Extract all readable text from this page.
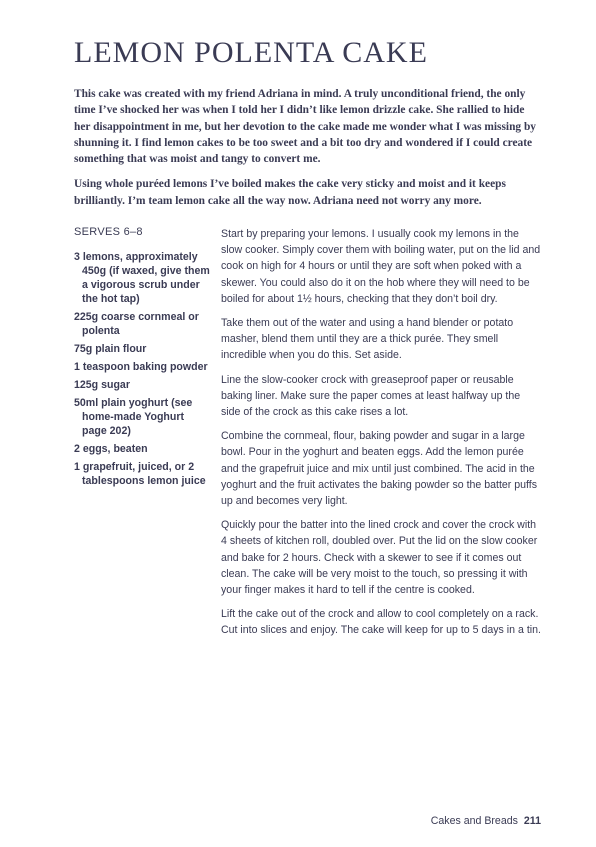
LEMON POLENTA CAKE

This cake was created with my friend Adriana in mind. A truly unconditional friend, the only time I’ve shocked her was when I told her I didn’t like lemon drizzle cake. She rallied to hide her disappointment in me, but her devotion to the cake made me wonder what I was missing by shunning it. I find lemon cakes to be too sweet and a bit too dry and wondered if I could create something that was moist and tangy to convert me.

Using whole puréed lemons I’ve boiled makes the cake very sticky and moist and it keeps brilliantly. I’m team lemon cake all the way now. Adriana need not worry any more.

SERVES 6–8
3 lemons, approximately 450g (if waxed, give them a vigorous scrub under the hot tap)
225g coarse cornmeal or polenta
75g plain flour
1 teaspoon baking powder
125g sugar
50ml plain yoghurt (see home-made Yoghurt page 202)
2 eggs, beaten
1 grapefruit, juiced, or 2 tablespoons lemon juice

Start by preparing your lemons. I usually cook my lemons in the slow cooker. Simply cover them with boiling water, put on the lid and cook on high for 4 hours or until they are soft when poked with a skewer. You could also do it on the hob where they will need to be boiled for about 1½ hours, checking that they don’t boil dry.

Take them out of the water and using a hand blender or potato masher, blend them until they are a thick purée. They smell incredible when you do this. Set aside.

Line the slow-cooker crock with greaseproof paper or reusable baking liner. Make sure the paper comes at least halfway up the side of the crock as this cake rises a lot.

Combine the cornmeal, flour, baking powder and sugar in a large bowl. Pour in the yoghurt and beaten eggs. Add the lemon purée and the grapefruit juice and mix until just combined. The acid in the yoghurt and the fruit activates the baking powder so the batter puffs up and becomes very light.

Quickly pour the batter into the lined crock and cover the crock with 4 sheets of kitchen roll, doubled over. Put the lid on the slow cooker and bake for 2 hours. Check with a skewer to see if it comes out clean. The cake will be very moist to the touch, so pressing it with your finger makes it hard to tell if the centre is cooked.

Lift the cake out of the crock and allow to cool completely on a rack. Cut into slices and enjoy. The cake will keep for up to 5 days in a tin.

Cakes and Breads 211
